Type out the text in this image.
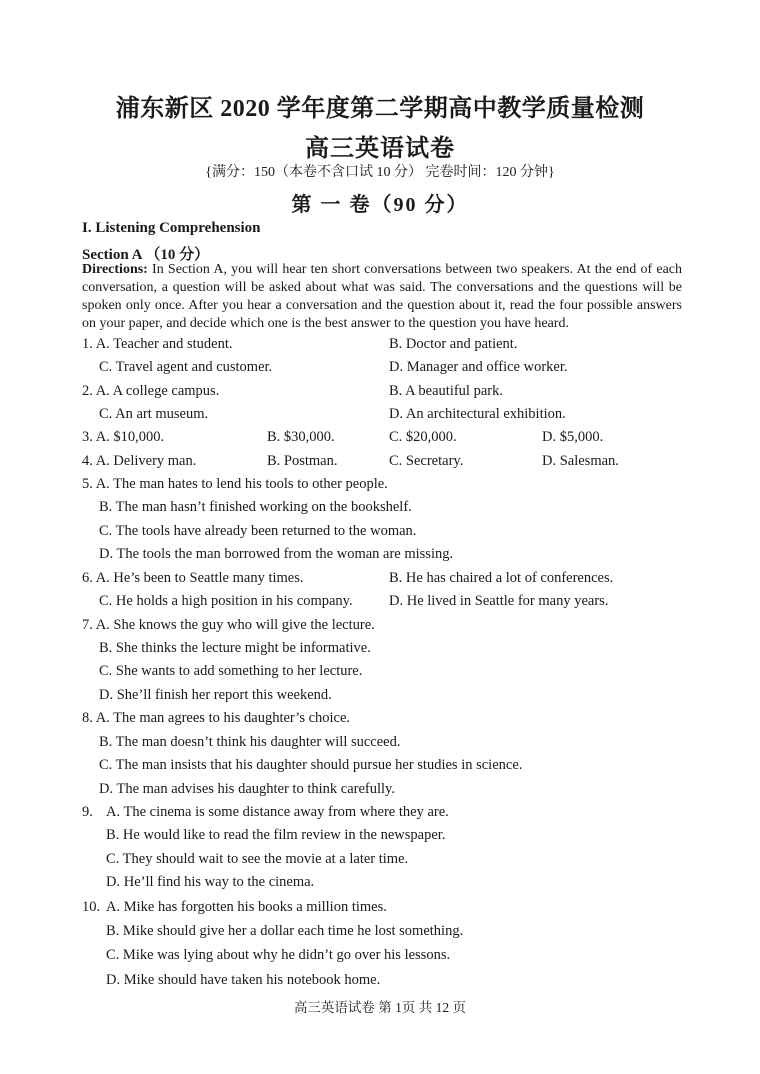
浦东新区 2020 学年度第二学期高中教学质量检测
高三英语试卷
{满分：150（本卷不含口试 10 分） 完卷时间：120 分钟}
第 一 卷（90 分）
I. Listening Comprehension
Section A （10 分）
Directions: In Section A, you will hear ten short conversations between two speakers. At the end of each conversation, a question will be asked about what was said. The conversations and the questions will be spoken only once. After you hear a conversation and the question about it, read the four possible answers on your paper, and decide which one is the best answer to the question you have heard.
1. A. Teacher and student.	B. Doctor and patient.
C. Travel agent and customer.	D. Manager and office worker.
2. A. A college campus.	B. A beautiful park.
C. An art museum.	D. An architectural exhibition.
3. A. $10,000.	B. $30,000.	C. $20,000.	D. $5,000.
4. A. Delivery man.	B. Postman.	C. Secretary.	D. Salesman.
5. A. The man hates to lend his tools to other people.
B. The man hasn’t finished working on the bookshelf.
C. The tools have already been returned to the woman.
D. The tools the man borrowed from the woman are missing.
6. A. He’s been to Seattle many times.	B. He has chaired a lot of conferences.
C. He holds a high position in his company.	D. He lived in Seattle for many years.
7. A. She knows the guy who will give the lecture.
B. She thinks the lecture might be informative.
C. She wants to add something to her lecture.
D. She’ll finish her report this weekend.
8. A. The man agrees to his daughter’s choice.
B. The man doesn’t think his daughter will succeed.
C. The man insists that his daughter should pursue her studies in science.
D. The man advises his daughter to think carefully.
9. A. The cinema is some distance away from where they are.
B. He would like to read the film review in the newspaper.
C. They should wait to see the movie at a later time.
D. He’ll find his way to the cinema.
10. A. Mike has forgotten his books a million times.
B. Mike should give her a dollar each time he lost something.
C. Mike was lying about why he didn’t go over his lessons.
D. Mike should have taken his notebook home.
高三英语试卷 第 1页 共 12 页
